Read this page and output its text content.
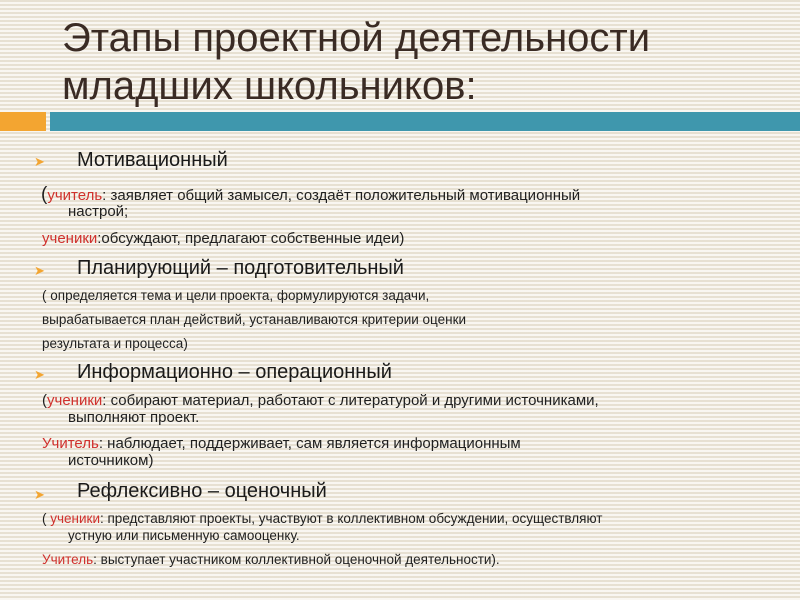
Этапы проектной деятельности
младших школьников:
➤ Мотивационный
(учитель: заявляет общий замысел, создаёт положительный мотивационный
настрой;
ученики:обсуждают, предлагают собственные идеи)
➤ Планирующий – подготовительный
( определяется тема и цели проекта, формулируются задачи,
вырабатывается план действий, устанавливаются критерии оценки
результата и процесса)
➤ Информационно – операционный
(ученики: собирают материал, работают с литературой и другими источниками,
выполняют проект.
Учитель: наблюдает, поддерживает, сам является информационным
источником)
➤ Рефлексивно – оценочный
( ученики: представляют проекты, участвуют в коллективном обсуждении, осуществляют
устную или письменную самооценку.
Учитель: выступает участником коллективной оценочной деятельности).
